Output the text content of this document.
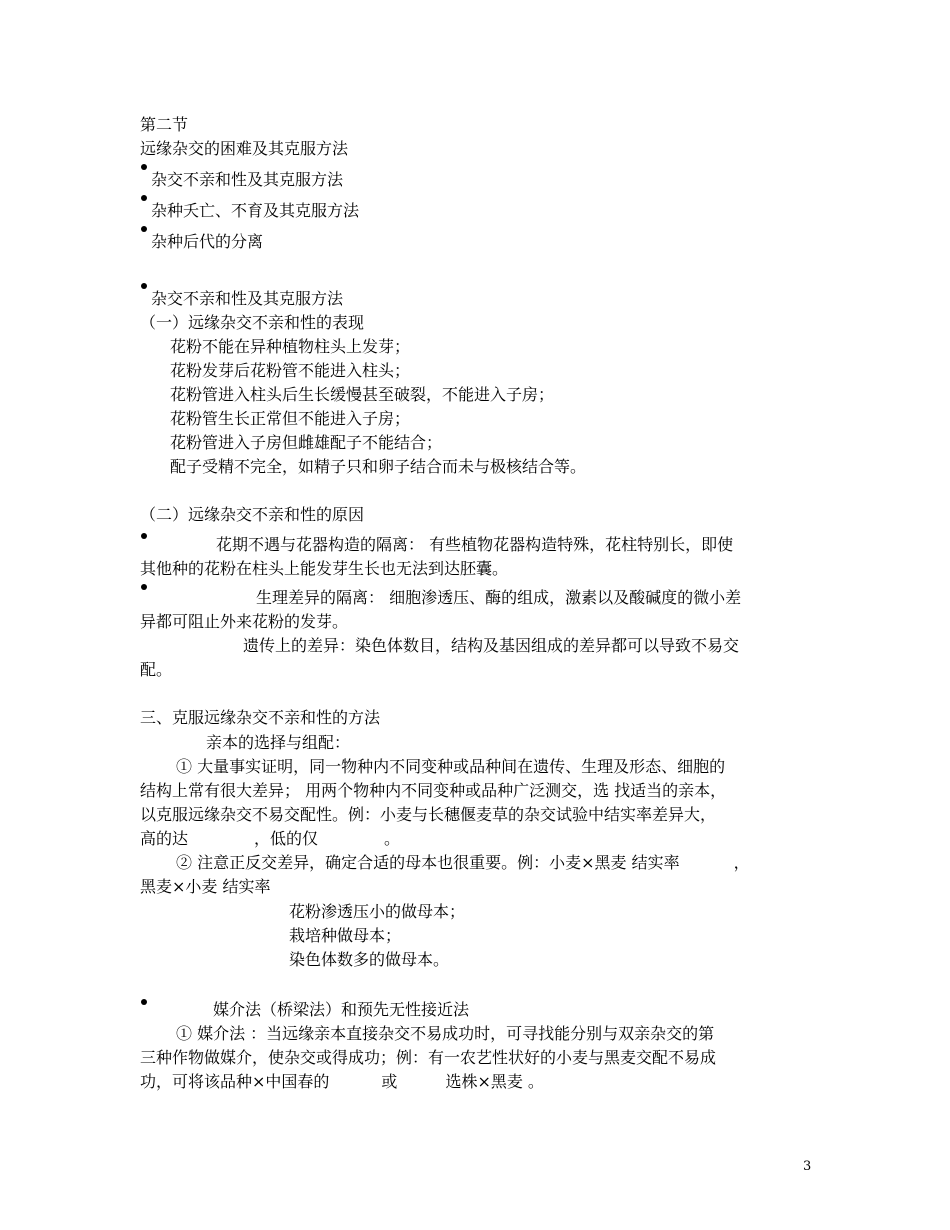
第二节
远缘杂交的困难及其克服方法
杂交不亲和性及其克服方法
杂种夭亡、不育及其克服方法
杂种后代的分离
杂交不亲和性及其克服方法
（一）远缘杂交不亲和性的表现
花粉不能在异种植物柱头上发芽；
花粉发芽后花粉管不能进入柱头；
花粉管进入柱头后生长缓慢甚至破裂，不能进入子房；
花粉管生长正常但不能进入子房；
花粉管进入子房但雌雄配子不能结合；
配子受精不完全，如精子只和卵子结合而未与极核结合等。
（二）远缘杂交不亲和性的原因
花期不遇与花器构造的隔离： 有些植物花器构造特殊，花柱特别长，即使
其他种的花粉在柱头上能发芽生长也无法到达胚囊。
生理差异的隔离： 细胞渗透压、酶的组成，激素以及酸碱度的微小差
异都可阻止外来花粉的发芽。
遗传上的差异：染色体数目，结构及基因组成的差异都可以导致不易交
配。
三、克服远缘杂交不亲和性的方法
亲本的选择与组配：
① 大量事实证明，同一物种内不同变种或品种间在遗传、生理及形态、细胞的
结构上常有很大差异； 用两个物种内不同变种或品种广泛测交，选 找适当的亲本，
以克服远缘杂交不易交配性。例：小麦与长穗偃麦草的杂交试验中结实率差异大，
高的达	，低的仅	。
② 注意正反交差异，确定合适的母本也很重要。例：小麦×黑麦 结实率	，
黑麦×小麦 结实率
花粉渗透压小的做母本；
栽培种做母本；
染色体数多的做母本。
媒介法（桥梁法）和预先无性接近法
① 媒介法 ：当远缘亲本直接杂交不易成功时，可寻找能分别与双亲杂交的第
三种作物做媒介，使杂交或得成功；例：有一农艺性状好的小麦与黑麦交配不易成
功，可将该品种×中国春的	或	选株×黑麦 。
3
